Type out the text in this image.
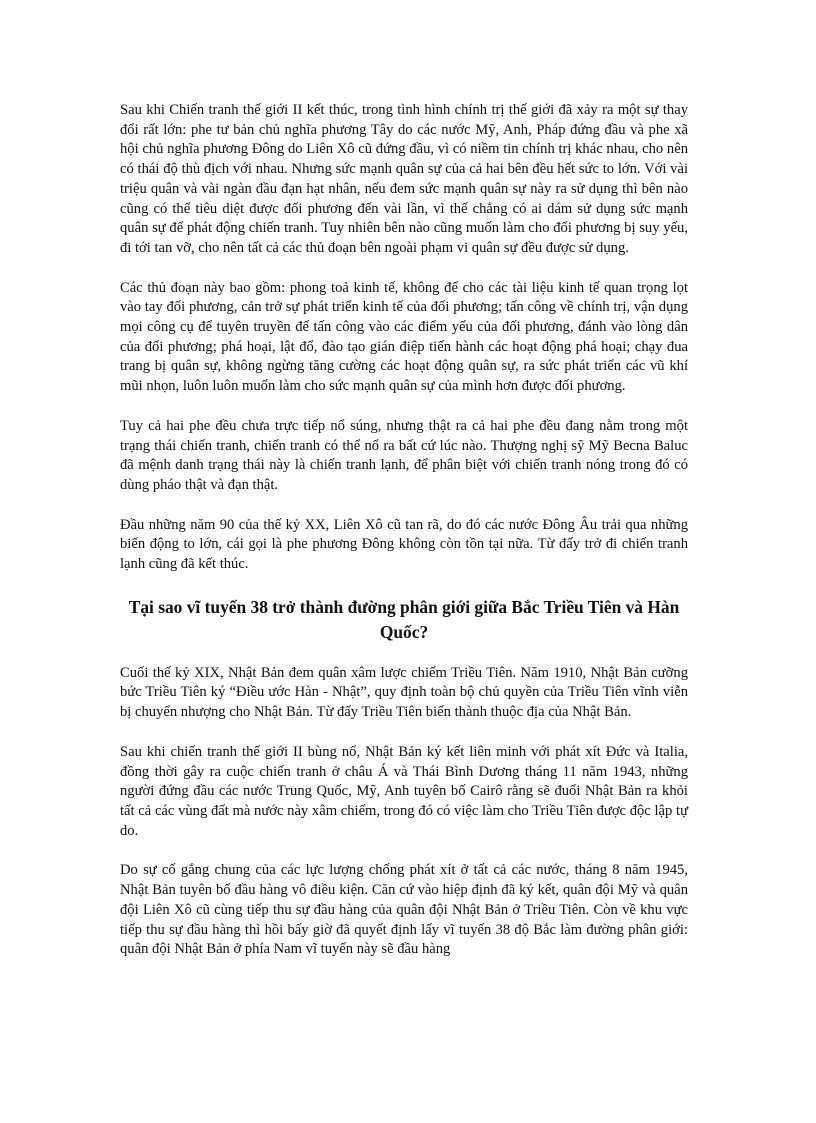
Sau khi Chiến tranh thế giới II kết thúc, trong tình hình chính trị thế giới đã xảy ra một sự thay đổi rất lớn: phe tư bản chủ nghĩa phương Tây do các nước Mỹ, Anh, Pháp đứng đầu và phe xã hội chủ nghĩa phương Đông do Liên Xô cũ đứng đầu, vì có niềm tin chính trị khác nhau, cho nên có thái độ thù địch với nhau. Nhưng sức mạnh quân sự của cả hai bên đều hết sức to lớn. Với vài triệu quân và vài ngàn đầu đạn hạt nhân, nếu đem sức mạnh quân sự này ra sử dụng thì bên nào cũng có thể tiêu diệt được đối phương đến vài lần, vì thế chẳng có ai dám sử dụng sức mạnh quân sự để phát động chiến tranh. Tuy nhiên bên nào cũng muốn làm cho đối phương bị suy yếu, đi tới tan vỡ, cho nên tất cả các thủ đoạn bên ngoài phạm vi quân sự đều được sử dụng.

Các thủ đoạn này bao gồm: phong toả kinh tế, không để cho các tài liệu kinh tế quan trọng lọt vào tay đối phương, cản trở sự phát triển kinh tế của đối phương; tấn công về chính trị, vận dụng mọi công cụ để tuyên truyền để tấn công vào các điểm yếu của đối phương, đánh vào lòng dân của đối phương; phá hoại, lật đổ, đào tạo gián điệp tiến hành các hoạt động phá hoại; chạy đua trang bị quân sự, không ngừng tăng cường các hoạt động quân sự, ra sức phát triển các vũ khí mũi nhọn, luôn luôn muốn làm cho sức mạnh quân sự của mình hơn được đối phương.

Tuy cả hai phe đều chưa trực tiếp nổ súng, nhưng thật ra cả hai phe đều đang nằm trong một trạng thái chiến tranh, chiến tranh có thể nổ ra bất cứ lúc nào. Thượng nghị sỹ Mỹ Becna Baluc đã mệnh danh trạng thái này là chiến tranh lạnh, để phân biệt với chiến tranh nóng trong đó có dùng pháo thật và đạn thật.

Đầu những năm 90 của thế kỷ XX, Liên Xô cũ tan rã, do đó các nước Đông Âu trải qua những biến động to lớn, cái gọi là phe phương Đông không còn tồn tại nữa. Từ đấy trở đi chiến tranh lạnh cũng đã kết thúc.

Tại sao vĩ tuyến 38 trở thành đường phân giới giữa Bắc Triều Tiên và Hàn Quốc?

Cuối thế kỷ XIX, Nhật Bản đem quân xâm lược chiếm Triều Tiên. Năm 1910, Nhật Bản cưỡng bức Triều Tiên ký “Điều ước Hàn - Nhật”, quy định toàn bộ chủ quyền của Triều Tiên vĩnh viễn bị chuyển nhượng cho Nhật Bản. Từ đấy Triều Tiên biến thành thuộc địa của Nhật Bản.

Sau khi chiến tranh thế giới II bùng nổ, Nhật Bản ký kết liên minh với phát xít Đức và Italia, đồng thời gây ra cuộc chiến tranh ở châu Á và Thái Bình Dương tháng 11 năm 1943, những người đứng đầu các nước Trung Quốc, Mỹ, Anh tuyên bố Cairô rằng sẽ đuổi Nhật Bản ra khỏi tất cả các vùng đất mà nước này xâm chiếm, trong đó có việc làm cho Triều Tiên được độc lập tự do.

Do sự cố gắng chung của các lực lượng chống phát xít ở tất cả các nước, tháng 8 năm 1945, Nhật Bản tuyên bố đầu hàng vô điều kiện. Căn cứ vào hiệp định đã ký kết, quân đội Mỹ và quân đội Liên Xô cũ cùng tiếp thu sự đầu hàng của quân đội Nhật Bản ở Triều Tiên. Còn về khu vực tiếp thu sự đầu hàng thì hồi bấy giờ đã quyết định lấy vĩ tuyến 38 độ Bắc làm đường phân giới: quân đội Nhật Bản ở phía Nam vĩ tuyến này sẽ đầu hàng
